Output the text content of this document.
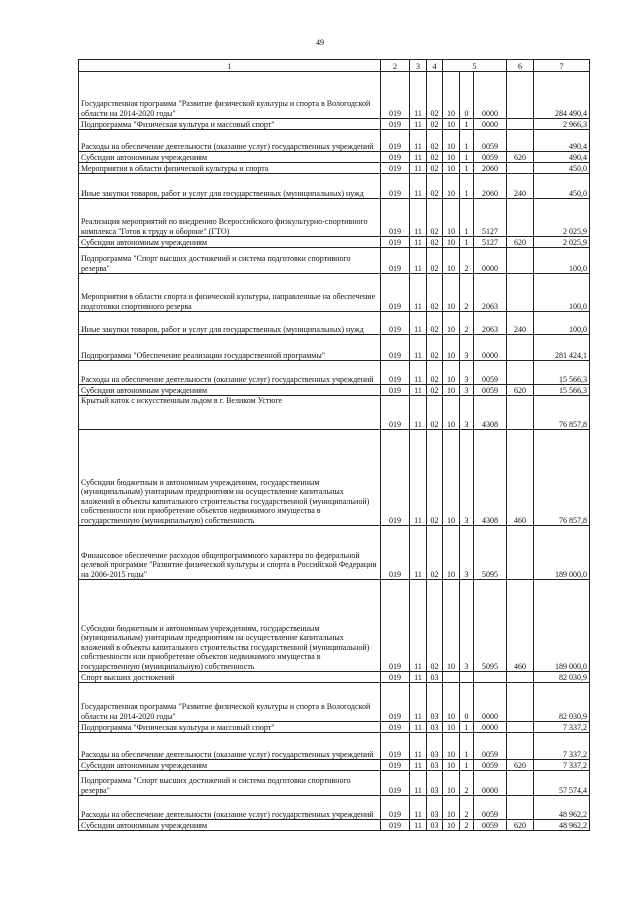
49
1	2	3	4	5			6	7
Государственная программа "Развитие физической культуры и спорта в Вологодской области на 2014-2020 годы"	019	11	02	10	0	0000		284 490,4
Подпрограмма "Физическая культура и массовый спорт"	019	11	02	10	1	0000		2 966,3
Расходы на обеспечение деятельности (оказание услуг) государственных учреждений	019	11	02	10	1	0059		490,4
Субсидии автономным учреждениям	019	11	02	10	1	0059	620	490,4
Мероприятия в области физической культуры и спорта	019	11	02	10	1	2060		450,0
Иные закупки товаров, работ и услуг для государственных (муниципальных) нужд	019	11	02	10	1	2060	240	450,0
Реализация мероприятий по внедрению Всероссийского физкультурно-спортивного комплекса "Готов к труду и обороне" (ГТО)	019	11	02	10	1	5127		2 025,9
Субсидии автономным учреждениям	019	11	02	10	1	5127	620	2 025,9
Подпрограмма "Спорт высших достижений и система подготовки спортивного резерва"	019	11	02	10	2	0000		100,0
Мероприятия в области спорта и физической культуры, направленные на обеспечение подготовки спортивного резерва	019	11	02	10	2	2063		100,0
Иные закупки товаров, работ и услуг для государственных (муниципальных) нужд	019	11	02	10	2	2063	240	100,0
Подпрограмма "Обеспечение реализации государственной программы"	019	11	02	10	3	0000		281 424,1
Расходы на обеспечение деятельности (оказание услуг) государственных учреждений	019	11	02	10	3	0059		15 566,3
Субсидии автономным учреждениям	019	11	02	10	3	0059	620	15 566,3
Крытый каток с искусственным льдом в г. Великом Устюге	019	11	02	10	3	4308		76 857,8
Субсидии бюджетным и автономным учреждениям, государственным (муниципальным) унитарным предприятиям на осуществление капитальных вложений в объекты капитального строительства государственной (муниципальной) собственности или приобретение объектов недвижимого имущества в государственную (муниципальную) собственность	019	11	02	10	3	4308	460	76 857,8
Финансовое обеспечение расходов общепрограммного характера по федеральной целевой программе "Развитие физической культуры и спорта в Российской Федерации на 2006-2015 годы"	019	11	02	10	3	5095		189 000,0
Субсидии бюджетным и автономным учреждениям, государственным (муниципальным) унитарным предприятиям на осуществление капитальных вложений в объекты капитального строительства государственной (муниципальной) собственности или приобретение объектов недвижимого имущества в государственную (муниципальную) собственность	019	11	02	10	3	5095	460	189 000,0
Спорт высших достижений	019	11	03					82 030,9
Государственная программа "Развитие физической культуры и спорта в Вологодской области на 2014-2020 годы"	019	11	03	10	0	0000		82 030,9
Подпрограмма "Физическая культура и массовый спорт"	019	11	03	10	1	0000		7 337,2
Расходы на обеспечение деятельности (оказание услуг) государственных учреждений	019	11	03	10	1	0059		7 337,2
Субсидии автономным учреждениям	019	11	03	10	1	0059	620	7 337,2
Подпрограмма "Спорт высших достижений и система подготовки спортивного резерва"	019	11	03	10	2	0000		57 574,4
Расходы на обеспечение деятельности (оказание услуг) государственных учреждений	019	11	03	10	2	0059		48 962,2
Субсидии автономным учреждениям	019	11	03	10	2	0059	620	48 962,2
